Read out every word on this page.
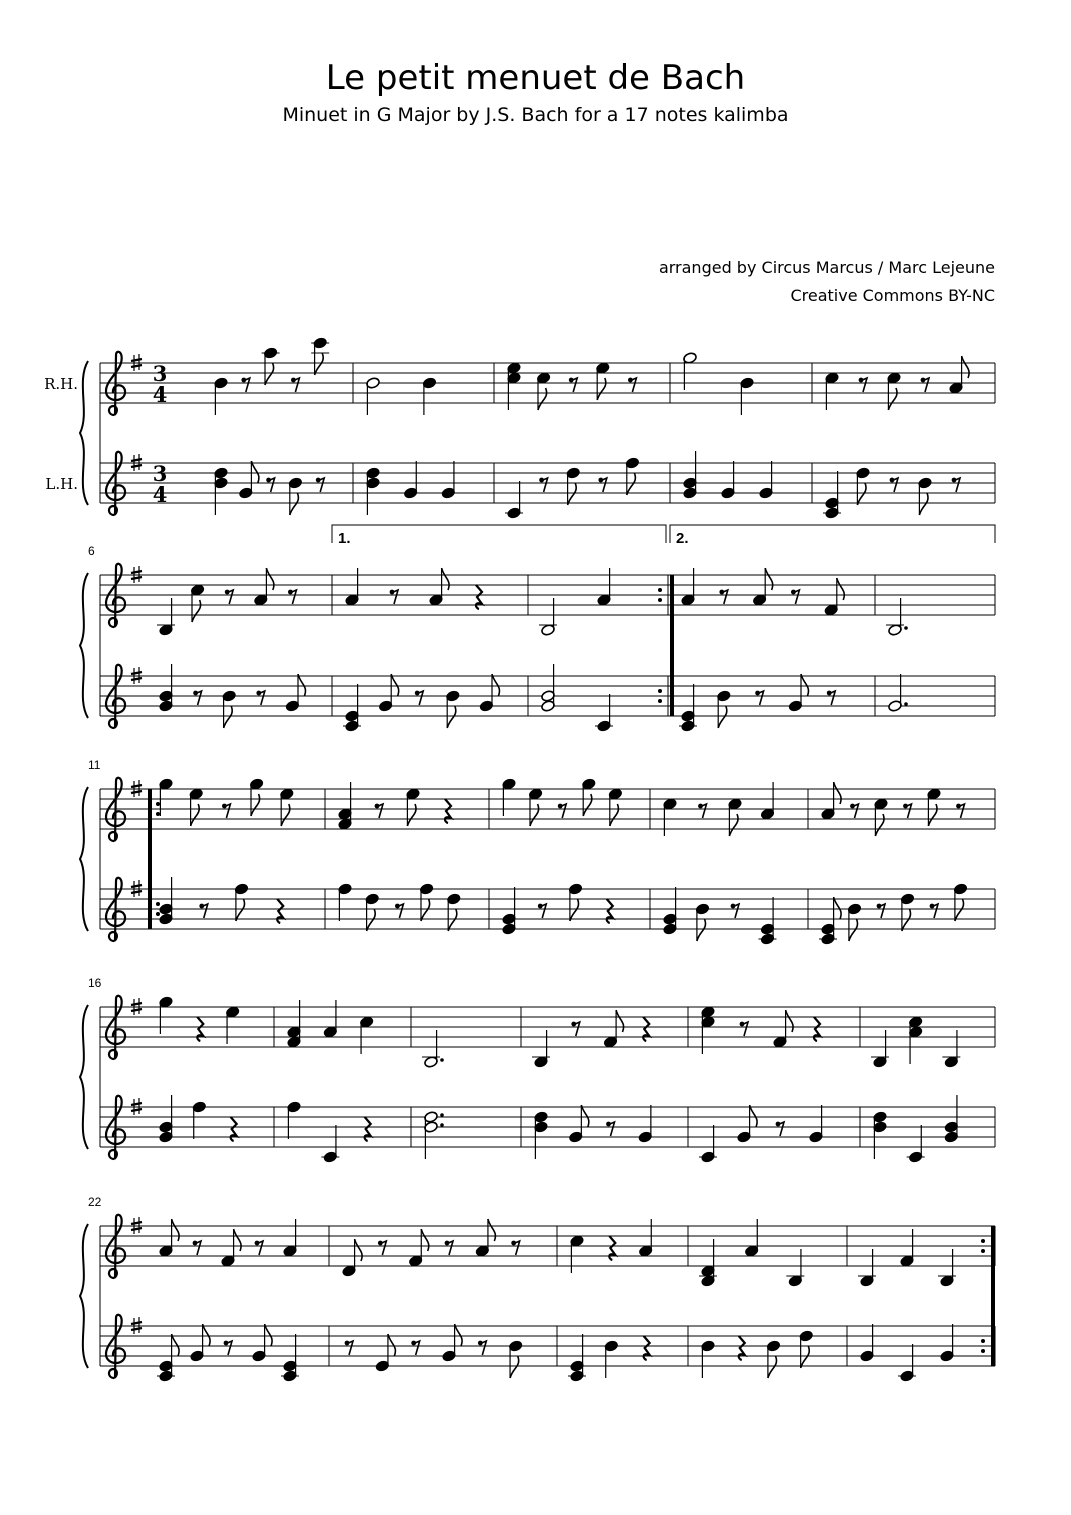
Le petit menuet de Bach
Minuet in G Major by J.S. Bach for a 17 notes kalimba
arranged by Circus Marcus / Marc Lejeune
Creative Commons BY-NC
3
4
3
4
R.H.
L.H.
6
11
16
22
1.	2.
